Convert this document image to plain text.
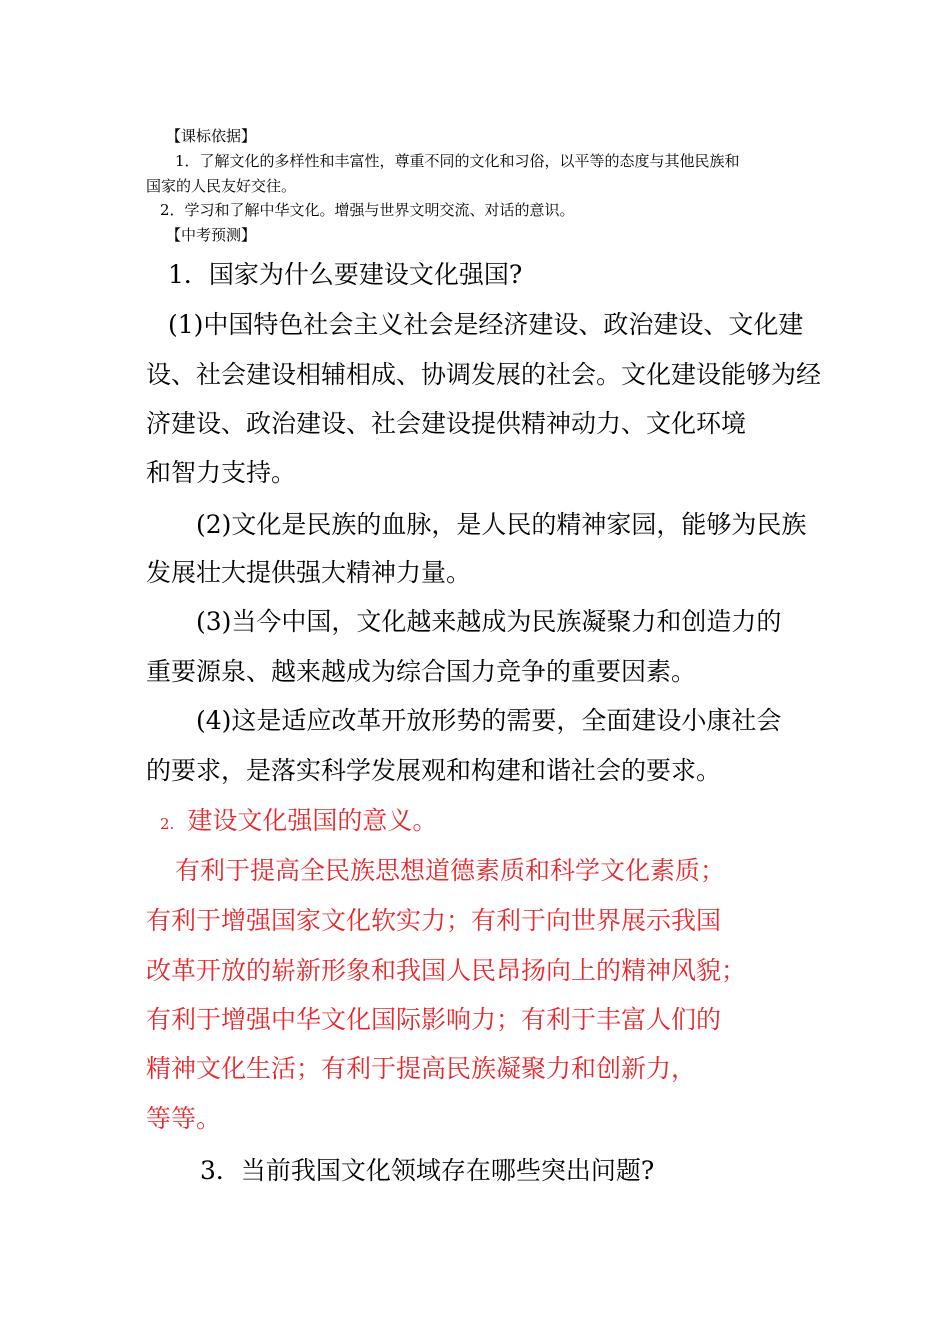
【课标依据】
1．了解文化的多样性和丰富性，尊重不同的文化和习俗，以平等的态度与其他民族和
国家的人民友好交往。
2．学习和了解中华文化。增强与世界文明交流、对话的意识。
【中考预测】
1．国家为什么要建设文化强国?
(1)中国特色社会主义社会是经济建设、政治建设、文化建
设、社会建设相辅相成、协调发展的社会。文化建设能够为经
济建设、政治建设、社会建设提供精神动力、文化环境
和智力支持。
(2)文化是民族的血脉，是人民的精神家园，能够为民族
发展壮大提供强大精神力量。
(3)当今中国，文化越来越成为民族凝聚力和创造力的
重要源泉、越来越成为综合国力竞争的重要因素。
(4)这是适应改革开放形势的需要，全面建设小康社会
的要求，是落实科学发展观和构建和谐社会的要求。
2. 建设文化强国的意义。
有利于提高全民族思想道德素质和科学文化素质；
有利于增强国家文化软实力；有利于向世界展示我国
改革开放的崭新形象和我国人民昂扬向上的精神风貌；
有利于增强中华文化国际影响力；有利于丰富人们的
精神文化生活；有利于提高民族凝聚力和创新力，
等等。
3．当前我国文化领域存在哪些突出问题?
